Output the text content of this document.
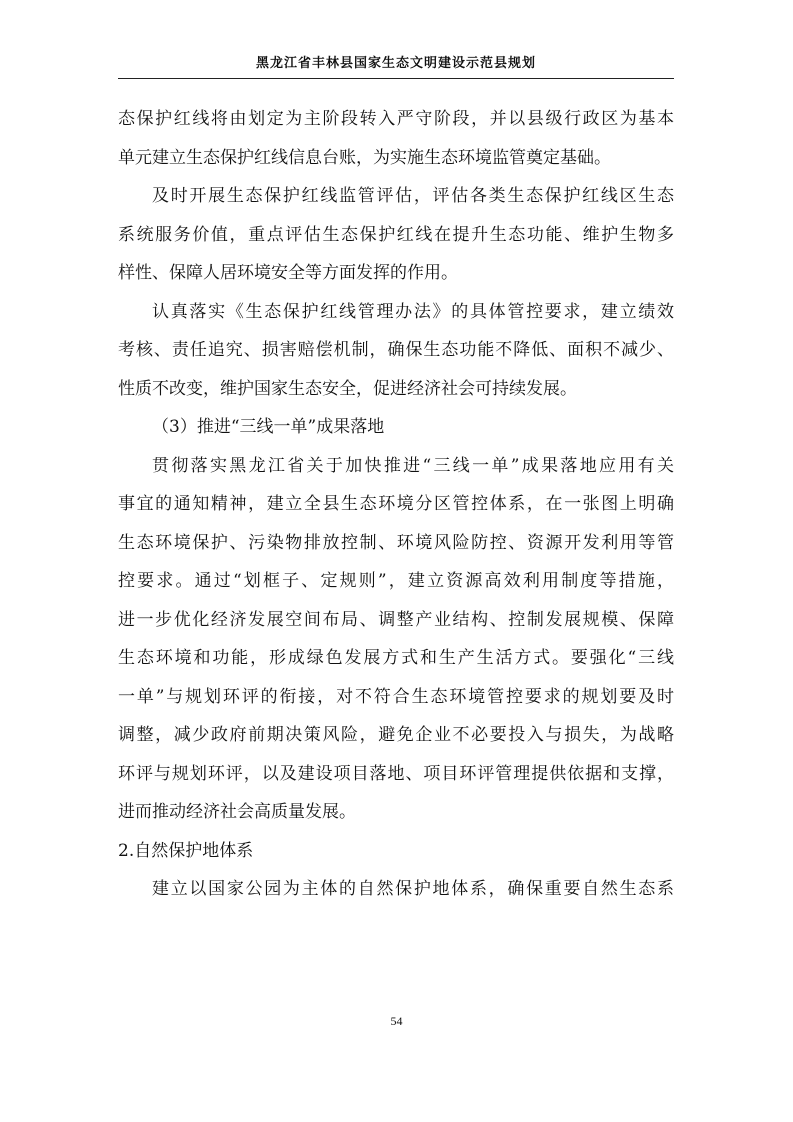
黑龙江省丰林县国家生态文明建设示范县规划
态保护红线将由划定为主阶段转入严守阶段，并以县级行政区为基本
单元建立生态保护红线信息台账，为实施生态环境监管奠定基础。
及时开展生态保护红线监管评估，评估各类生态保护红线区生态
系统服务价值，重点评估生态保护红线在提升生态功能、维护生物多
样性、保障人居环境安全等方面发挥的作用。
认真落实《生态保护红线管理办法》的具体管控要求，建立绩效
考核、责任追究、损害赔偿机制，确保生态功能不降低、面积不减少、
性质不改变，维护国家生态安全，促进经济社会可持续发展。
（3）推进“三线一单”成果落地
贯彻落实黑龙江省关于加快推进“三线一单”成果落地应用有关
事宜的通知精神，建立全县生态环境分区管控体系，在一张图上明确
生态环境保护、污染物排放控制、环境风险防控、资源开发利用等管
控要求。通过“划框子、定规则”，建立资源高效利用制度等措施，
进一步优化经济发展空间布局、调整产业结构、控制发展规模、保障
生态环境和功能，形成绿色发展方式和生产生活方式。要强化“三线
一单”与规划环评的衔接，对不符合生态环境管控要求的规划要及时
调整，减少政府前期决策风险，避免企业不必要投入与损失，为战略
环评与规划环评，以及建设项目落地、项目环评管理提供依据和支撑，
进而推动经济社会高质量发展。
2.自然保护地体系
建立以国家公园为主体的自然保护地体系，确保重要自然生态系
54
